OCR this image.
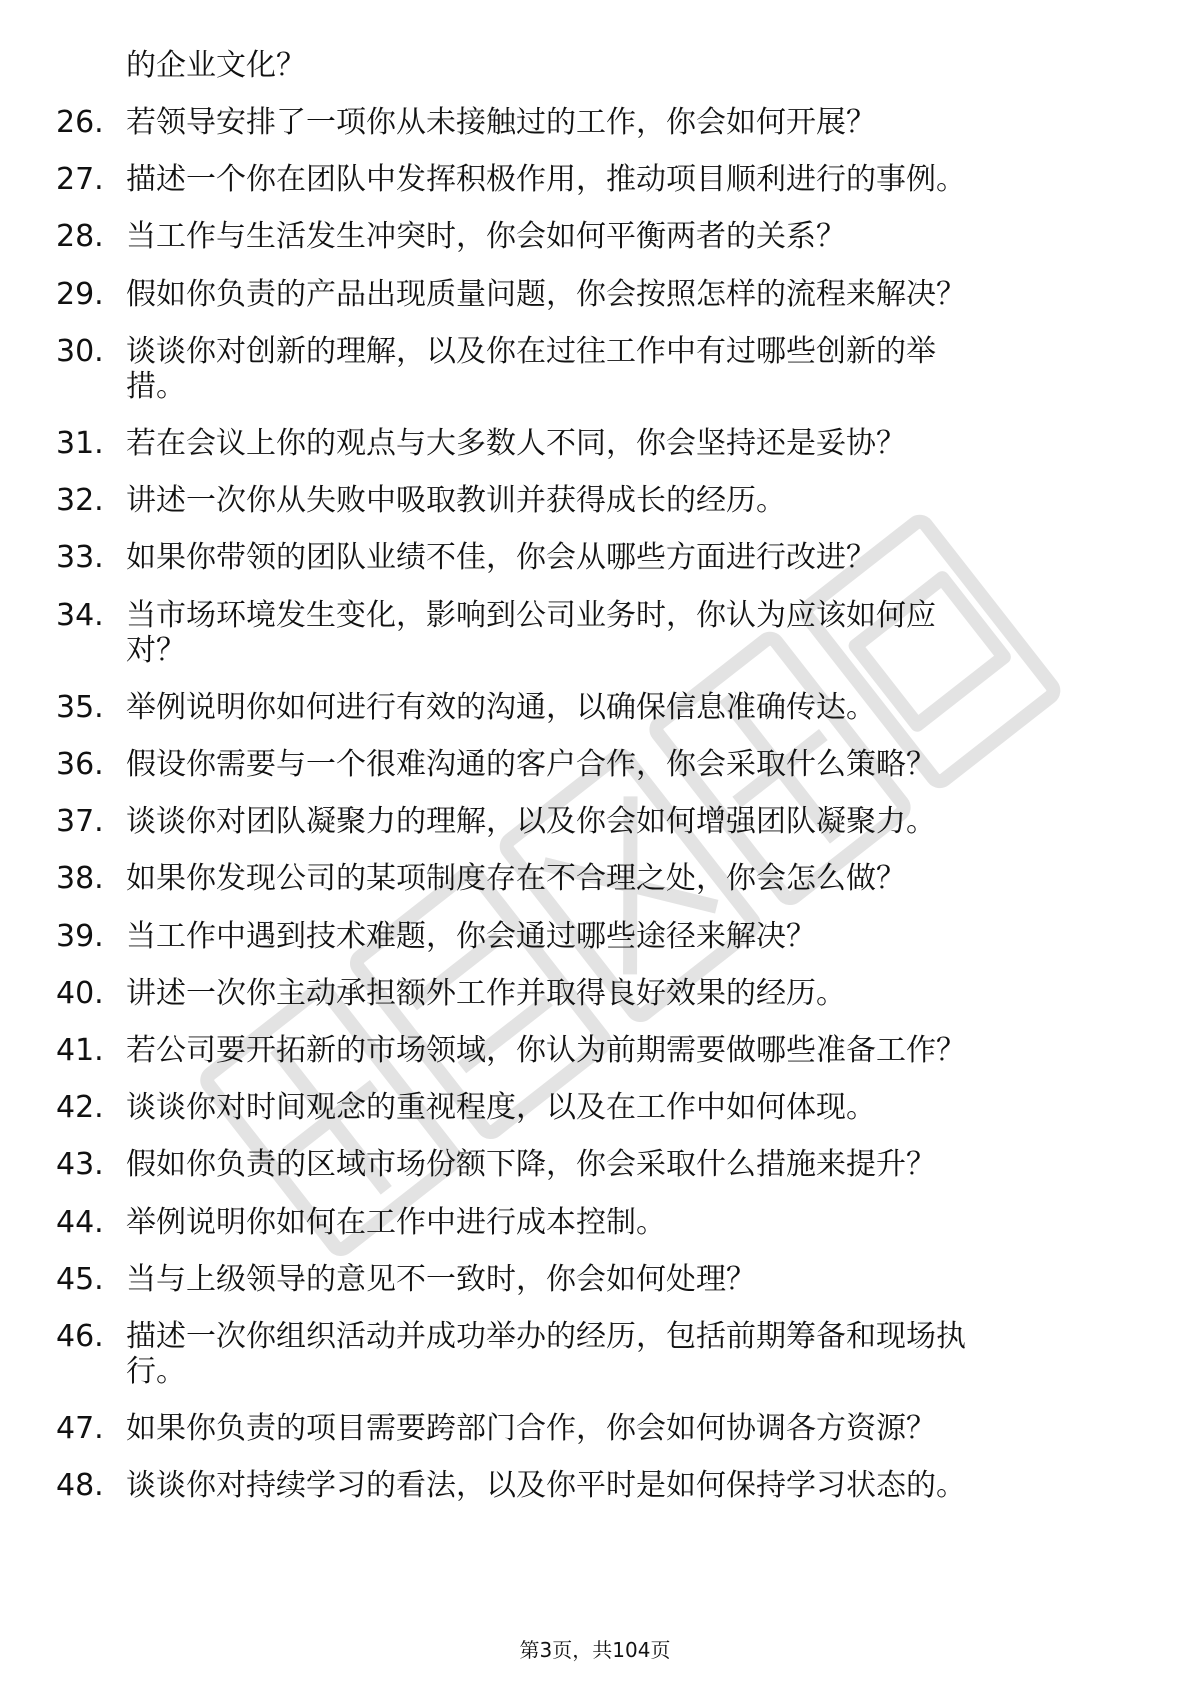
的企业文化？
26. 若领导安排了一项你从未接触过的工作，你会如何开展？
27. 描述一个你在团队中发挥积极作用，推动项目顺利进行的事例。
28. 当工作与生活发生冲突时，你会如何平衡两者的关系？
29. 假如你负责的产品出现质量问题，你会按照怎样的流程来解决？
30. 谈谈你对创新的理解，以及你在过往工作中有过哪些创新的举
措。
31. 若在会议上你的观点与大多数人不同，你会坚持还是妥协？
32. 讲述一次你从失败中吸取教训并获得成长的经历。
33. 如果你带领的团队业绩不佳，你会从哪些方面进行改进？
34. 当市场环境发生变化，影响到公司业务时，你认为应该如何应
对？
35. 举例说明你如何进行有效的沟通，以确保信息准确传达。
36. 假设你需要与一个很难沟通的客户合作，你会采取什么策略？
37. 谈谈你对团队凝聚力的理解，以及你会如何增强团队凝聚力。
38. 如果你发现公司的某项制度存在不合理之处，你会怎么做？
39. 当工作中遇到技术难题，你会通过哪些途径来解决？
40. 讲述一次你主动承担额外工作并取得良好效果的经历。
41. 若公司要开拓新的市场领域，你认为前期需要做哪些准备工作？
42. 谈谈你对时间观念的重视程度，以及在工作中如何体现。
43. 假如你负责的区域市场份额下降，你会采取什么措施来提升？
44. 举例说明你如何在工作中进行成本控制。
45. 当与上级领导的意见不一致时，你会如何处理？
46. 描述一次你组织活动并成功举办的经历，包括前期筹备和现场执
行。
47. 如果你负责的项目需要跨部门合作，你会如何协调各方资源？
48. 谈谈你对持续学习的看法，以及你平时是如何保持学习状态的。
第3页，共104页
